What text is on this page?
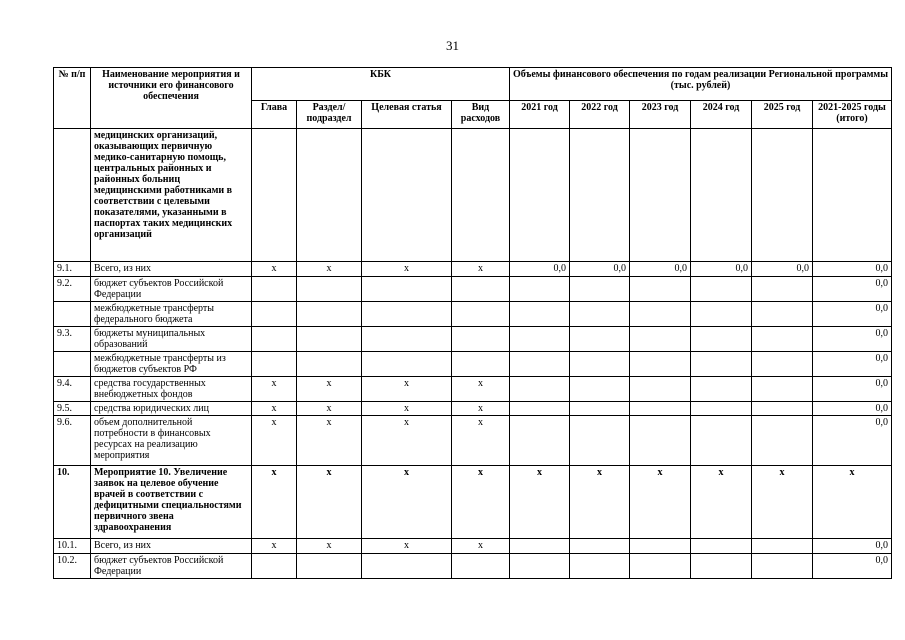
31
№ п/п	Наименование мероприятия и источники его финансового обеспечения	КБК				Объемы финансового обеспечения по годам реализации Региональной программы (тыс. рублей)					
		Глава	Раздел/ подраздел	Целевая статья	Вид расходов	2021 год	2022 год	2023 год	2024 год	2025 год	2021-2025 годы (итого)
	медицинских организаций, оказывающих первичную медико-санитарную помощь, центральных районных и районных больниц медицинскими работниками в соответствии с целевыми показателями, указанными в паспортах таких медицинских организаций										
9.1.	Всего, из них	х	х	х	х	0,0	0,0	0,0	0,0	0,0	0,0
9.2.	бюджет субъектов Российской Федерации										0,0
	межбюджетные трансферты федерального бюджета										0,0
9.3.	бюджеты муниципальных образований										0,0
	межбюджетные трансферты из бюджетов субъектов РФ										0,0
9.4.	средства государственных внебюджетных фондов	х	х	х	х						0,0
9.5.	средства юридических лиц	х	х	х	х						0,0
9.6.	объем дополнительной потребности в финансовых ресурсах на реализацию мероприятия	х	х	х	х						0,0
10.	Мероприятие 10. Увеличение заявок на целевое обучение врачей в соответствии с дефицитными специальностями первичного звена здравоохранения	х	х	х	х	х	х	х	х	х	х
10.1.	Всего, из них	х	х	х	х						0,0
10.2.	бюджет субъектов Российской Федерации										0,0
